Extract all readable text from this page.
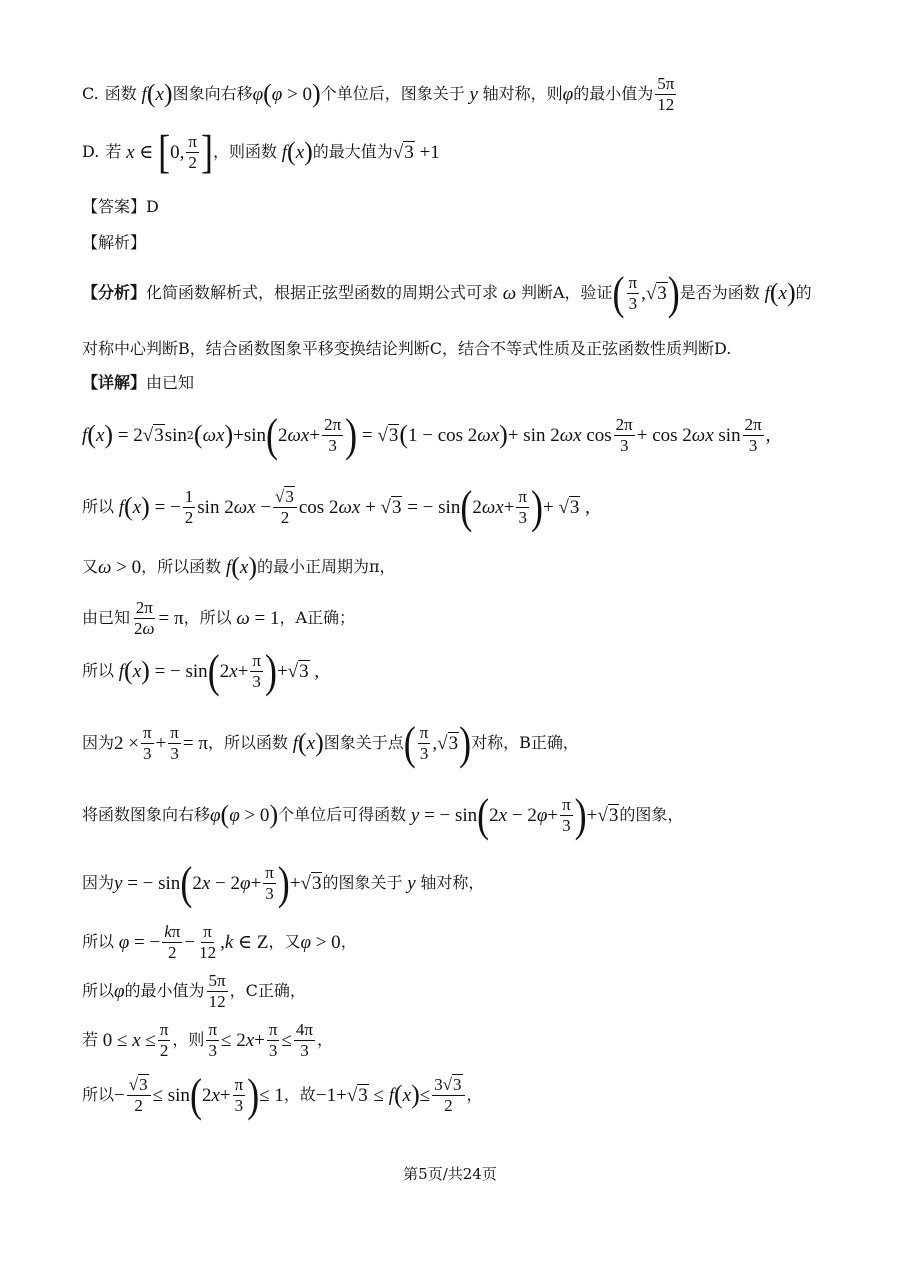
C. 函数 f ( x ) 图象向右移 φ ( φ > 0 ) 个单位后，图象关于 y 轴对称，则 φ 的最小值为 $\frac{5\pi}{12}$
D. 若 x ∈ [ 0, $\frac{\pi}{2}$ ] ，则函数 f ( x ) 的最大值为 √3 +1
【答案】D
【解析】
【分析】 化简函数解析式，根据正弦型函数的周期公式可求 ω 判断A，验证 ( $\frac{\pi}{3}$ , √3 ) 是否为函数 f ( x ) 的
对称中心判断B，结合函数图象平移变换结论判断C，结合不等式性质及正弦函数性质判断D.
【详解】 由已知
f ( x ) = 2 √3 sin 2 ( ωx ) +sin ( 2 $\omega x + \frac{2\pi}{3}$ ) = √3 ( 1 − cos 2 ωx ) + sin 2 ωx $\cos \frac{2\pi}{3} + \cos 2$ ωx $\sin \frac{2\pi}{3}$ ,
所以 f ( x ) = − $\frac{1}{2}$ sin 2 $\omega x - \frac{√3}{2}$ cos 2 ωx + √3 = − sin ( 2 $\omega x + \frac{\pi}{3}$ ) + √3 ,
又 ω > 0 ，所以函数 f ( x ) 的最小正周期为π，
由已知 $\frac{2\pi}{2\omega} = \pi$ ，所以 ω = 1 ，A正确；
所以 f ( x ) = − sin ( 2 $x + \frac{\pi}{3}$ ) + √3 ,
因为 $2 \times \frac{\pi}{3} + \frac{\pi}{3} = \pi$ ，所以函数 f ( x ) 图象关于点 ( $\frac{\pi}{3}$ , √3 ) 对称，B正确，
将函数图象向右移 φ ( φ > 0 ) 个单位后可得函数 y = − sin ( 2 x − 2 $\varphi + \frac{\pi}{3}$ ) + √3 的图象，
因为 y = − sin ( 2 x − 2 $\varphi + \frac{\pi}{3}$ ) + √3 的图象关于 y 轴对称，
所以 φ = − $\frac{k\pi}{2} - \frac{\pi}{12}$ , k ∈ Z ，又 φ > 0 ，
所以 φ 的最小值为 $\frac{5\pi}{12}$ ，C正确，
若 $0 \le x \le \frac{\pi}{2}$ ，则 $\frac{\pi}{3} \le 2$ $x + \frac{\pi}{3} \le \frac{4\pi}{3}$ ，
所以 − $\frac{√3}{2} \le \sin$ ( 2 $x + \frac{\pi}{3}$ ) ≤ 1 ，故 −1+ √3 ≤ f ( x ) ≤ $\frac{3√3}{2}$ ，
第5页/共24页
